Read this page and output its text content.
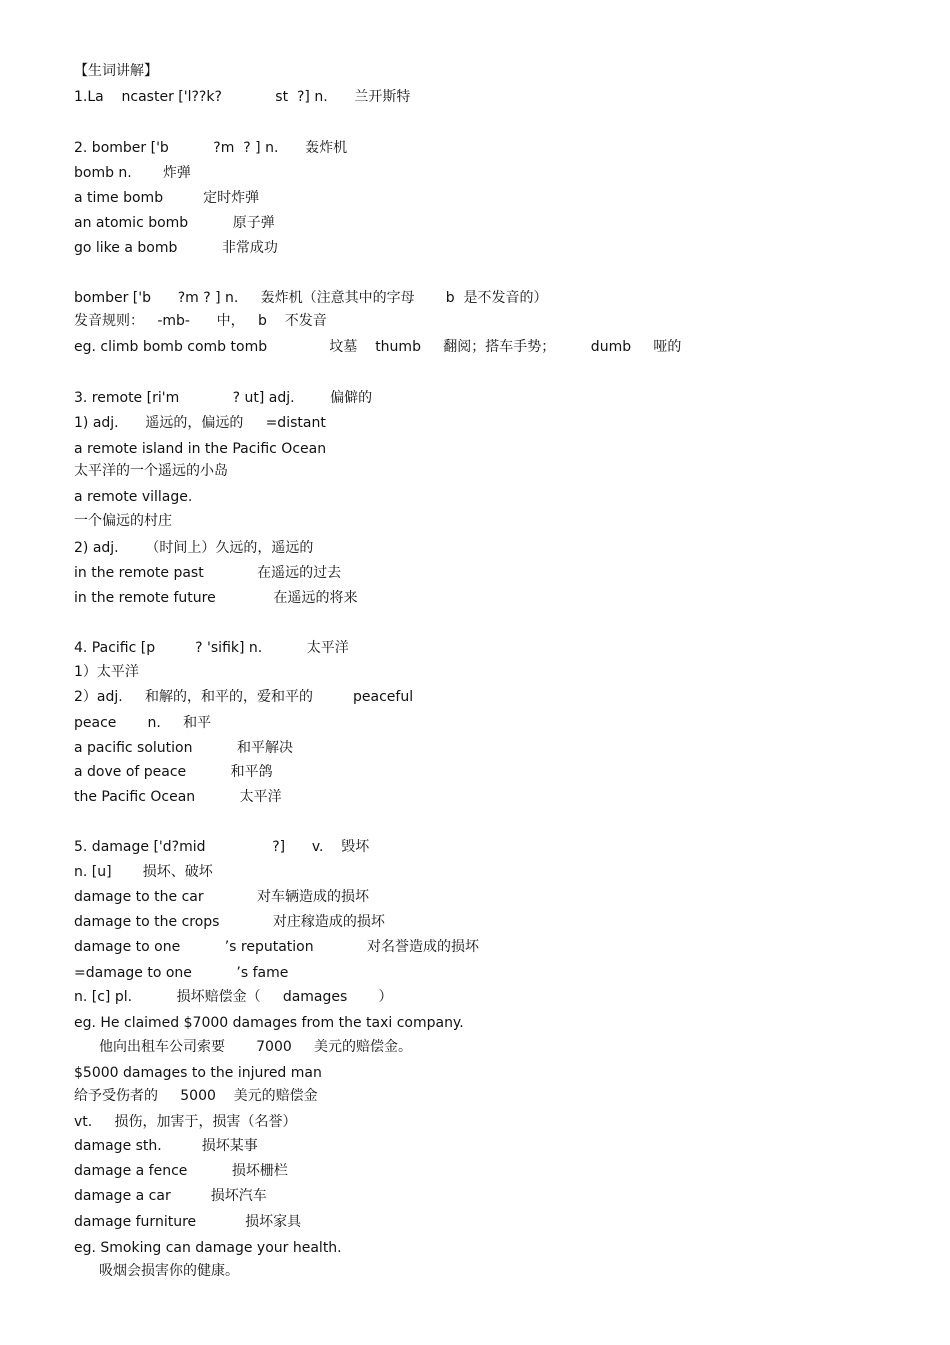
【生词讲解】
1.La    ncaster ['l??k?            st  ?] n.      兰开斯特
2. bomber ['b          ?m  ? ] n.      轰炸机
bomb n.       炸弹
a time bomb         定时炸弹
an atomic bomb          原子弹
go like a bomb          非常成功
bomber ['b      ?m ? ] n.     轰炸机（注意其中的字母       b  是不发音的）
发音规则：   -mb-      中，   b    不发音
eg. climb bomb comb tomb              坟墓    thumb     翻阅；搭车手势；        dumb     哑的
3. remote [ri'm            ? ut] adj.        偏僻的
1) adj.      遥远的，偏远的     =distant
a remote island in the Pacific Ocean
太平洋的一个遥远的小岛
a remote village.
一个偏远的村庄
2) adj.      （时间上）久远的，遥远的
in the remote past            在遥远的过去
in the remote future             在遥远的将来
4. Pacific [p         ? 'sifik] n.          太平洋
1）太平洋
2）adj.     和解的，和平的，爱和平的         peaceful
peace       n.     和平
a pacific solution          和平解决
a dove of peace          和平鸽
the Pacific Ocean          太平洋
5. damage ['d?mid               ?]      v.    毁坏
n. [u]       损坏、破坏
damage to the car            对车辆造成的损坏
damage to the crops            对庄稼造成的损坏
damage to one          ’s reputation            对名誉造成的损坏
=damage to one          ’s fame
n. [c] pl.          损坏赔偿金（     damages       ）
eg. He claimed $7000 damages from the taxi company.
他向出租车公司索要       7000     美元的赔偿金。
$5000 damages to the injured man
给予受伤者的     5000    美元的赔偿金
vt.     损伤，加害于，损害（名誉）
damage sth.         损坏某事
damage a fence          损坏栅栏
damage a car         损坏汽车
damage furniture           损坏家具
eg. Smoking can damage your health.
吸烟会损害你的健康。
